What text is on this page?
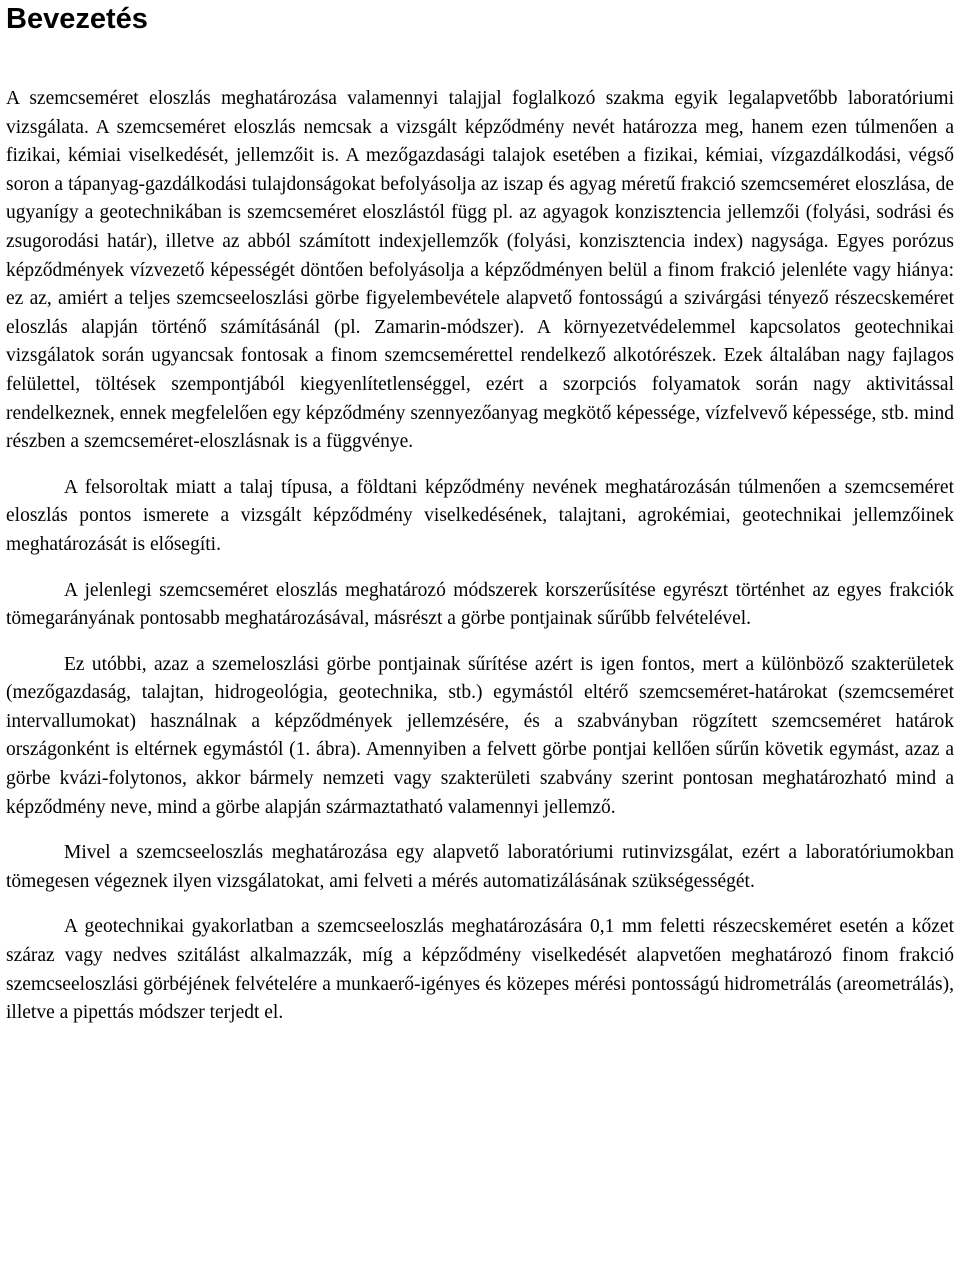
Bevezetés

A szemcseméret eloszlás meghatározása valamennyi talajjal foglalkozó szakma egyik legalapvetőbb laboratóriumi vizsgálata. A szemcseméret eloszlás nemcsak a vizsgált képződmény nevét határozza meg, hanem ezen túlmenően a fizikai, kémiai viselkedését, jellemzőit is. A mezőgazdasági talajok esetében a fizikai, kémiai, vízgazdálkodási, végső soron a tápanyag-gazdálkodási tulajdonságokat befolyásolja az iszap és agyag méretű frakció szemcseméret eloszlása, de ugyanígy a geotechnikában is szemcseméret eloszlástól függ pl. az agyagok konzisztencia jellemzői (folyási, sodrási és zsugorodási határ), illetve az abból számított indexjellemzők (folyási, konzisztencia index) nagysága. Egyes porózus képződmények vízvezető képességét döntően befolyásolja a képződményen belül a finom frakció jelenléte vagy hiánya: ez az, amiért a teljes szemcseeloszlási görbe figyelembevétele alapvető fontosságú a szivárgási tényező részecskeméret eloszlás alapján történő számításánál (pl. Zamarin-módszer). A környezetvédelemmel kapcsolatos geotechnikai vizsgálatok során ugyancsak fontosak a finom szemcsemérettel rendelkező alkotórészek. Ezek általában nagy fajlagos felülettel, töltések szempontjából kiegyenlítetlenséggel, ezért a szorpciós folyamatok során nagy aktivitással rendelkeznek, ennek megfelelően egy képződmény szennyezőanyag megkötő képessége, vízfelvevő képessége, stb. mind részben a szemcseméret-eloszlásnak is a függvénye.

A felsoroltak miatt a talaj típusa, a földtani képződmény nevének meghatározásán túlmenően a szemcseméret eloszlás pontos ismerete a vizsgált képződmény viselkedésének, talajtani, agrokémiai, geotechnikai jellemzőinek meghatározását is elősegíti.

A jelenlegi szemcseméret eloszlás meghatározó módszerek korszerűsítése egyrészt történhet az egyes frakciók tömegarányának pontosabb meghatározásával, másrészt a görbe pontjainak sűrűbb felvételével.

Ez utóbbi, azaz a szemeloszlási görbe pontjainak sűrítése azért is igen fontos, mert a különböző szakterületek (mezőgazdaság, talajtan, hidrogeológia, geotechnika, stb.) egymástól eltérő szemcseméret-határokat (szemcseméret intervallumokat) használnak a képződmények jellemzésére, és a szabványban rögzített szemcseméret határok országonként is eltérnek egymástól (1. ábra). Amennyiben a felvett görbe pontjai kellően sűrűn követik egymást, azaz a görbe kvázi-folytonos, akkor bármely nemzeti vagy szakterületi szabvány szerint pontosan meghatározható mind a képződmény neve, mind a görbe alapján származtatható valamennyi jellemző.

Mivel a szemcseeloszlás meghatározása egy alapvető laboratóriumi rutinvizsgálat, ezért a laboratóriumokban tömegesen végeznek ilyen vizsgálatokat, ami felveti a mérés automatizálásának szükségességét.

A geotechnikai gyakorlatban a szemcseeloszlás meghatározására 0,1 mm feletti részecskeméret esetén a kőzet száraz vagy nedves szitálást alkalmazzák, míg a képződmény viselkedését alapvetően meghatározó finom frakció szemcseeloszlási görbéjének felvételére a munkaerő-igényes és közepes mérési pontosságú hidrometrálás (areometrálás), illetve a pipettás módszer terjedt el.
